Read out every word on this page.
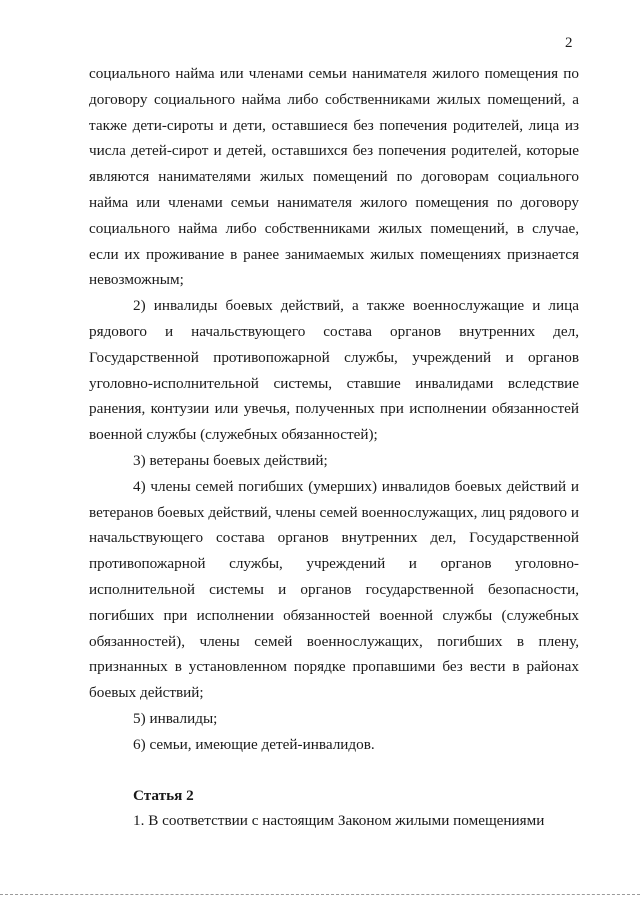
2

социального найма или членами семьи нанимателя жилого помещения по договору социального найма либо собственниками жилых помещений, а также дети-сироты и дети, оставшиеся без попечения родителей, лица из числа детей-сирот и детей, оставшихся без попечения родителей, которые являются нанимателями жилых помещений по договорам социального найма или членами семьи нанимателя жилого помещения по договору социального найма либо собственниками жилых помещений, в случае, если их проживание в ранее занимаемых жилых помещениях признается невозможным;

2) инвалиды боевых действий, а также военнослужащие и лица рядового и начальствующего состава органов внутренних дел, Государственной противопожарной службы, учреждений и органов уголовно-исполнительной системы, ставшие инвалидами вследствие ранения, контузии или увечья, полученных при исполнении обязанностей военной службы (служебных обязанностей);

3) ветераны боевых действий;

4) члены семей погибших (умерших) инвалидов боевых действий и ветеранов боевых действий, члены семей военнослужащих, лиц рядового и начальствующего состава органов внутренних дел, Государственной противопожарной службы, учреждений и органов уголовно-исполнительной системы и органов государственной безопасности, погибших при исполнении обязанностей военной службы (служебных обязанностей), члены семей военнослужащих, погибших в плену, признанных в установленном порядке пропавшими без вести в районах боевых действий;

5) инвалиды;

6) семьи, имеющие детей-инвалидов.

Статья 2

1. В соответствии с настоящим Законом жилыми помещениями
